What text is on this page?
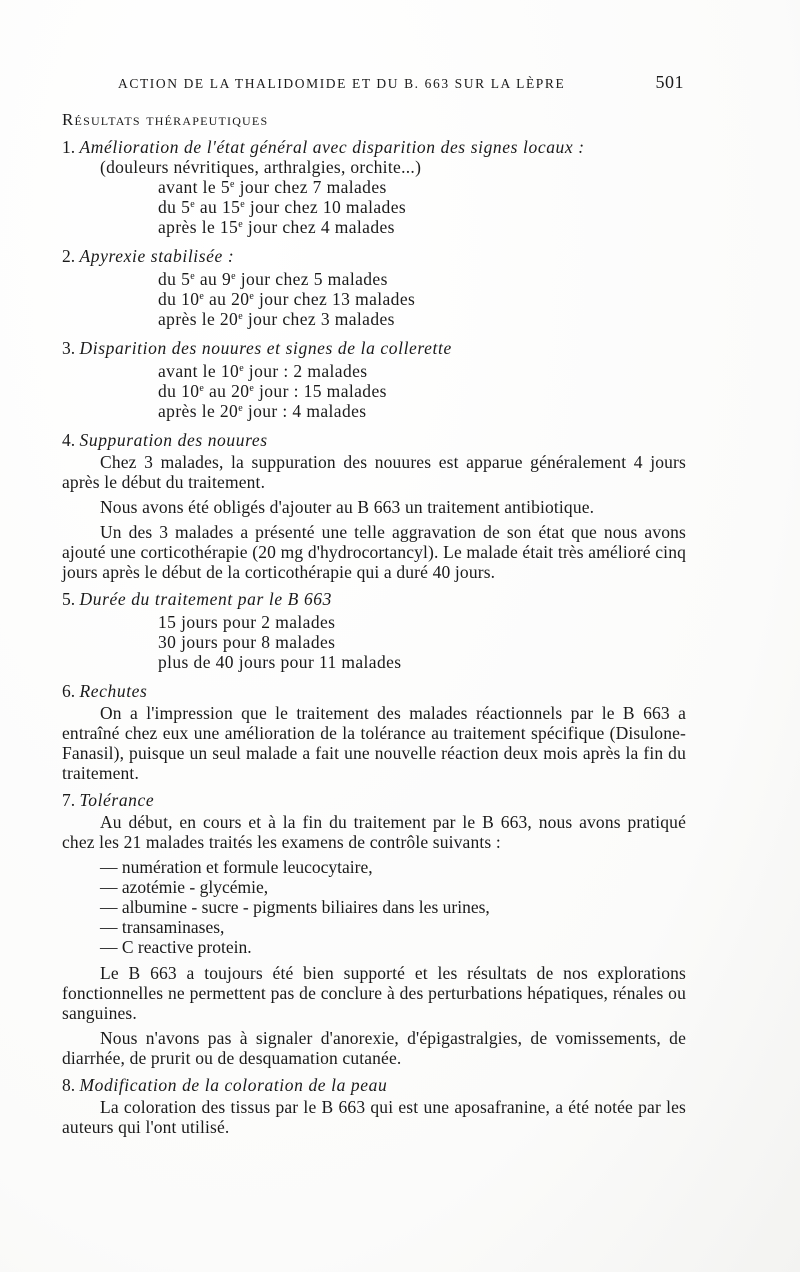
ACTION DE LA THALIDOMIDE ET DU B. 663 SUR LA LÈPRE	501
Résultats thérapeutiques
1. Amélioration de l'état général avec disparition des signes locaux :
(douleurs névritiques, arthralgies, orchite...)
avant le 5e jour chez 7 malades
du 5e au 15e jour chez 10 malades
après le 15e jour chez 4 malades
2. Apyrexie stabilisée :
du 5e au 9e jour chez 5 malades
du 10e au 20e jour chez 13 malades
après le 20e jour chez 3 malades
3. Disparition des nouures et signes de la collerette
avant le 10e jour : 2 malades
du 10e au 20e jour : 15 malades
après le 20e jour : 4 malades
4. Suppuration des nouures

Chez 3 malades, la suppuration des nouures est apparue généralement 4 jours après le début du traitement.

Nous avons été obligés d'ajouter au B 663 un traitement antibiotique.

Un des 3 malades a présenté une telle aggravation de son état que nous avons ajouté une corticothérapie (20 mg d'hydrocortancyl). Le malade était très amélioré cinq jours après le début de la corticothérapie qui a duré 40 jours.

5. Durée du traitement par le B 663
15 jours pour 2 malades
30 jours pour 8 malades
plus de 40 jours pour 11 malades
6. Rechutes

On a l'impression que le traitement des malades réactionnels par le B 663 a entraîné chez eux une amélioration de la tolérance au traitement spécifique (Disulone-Fanasil), puisque un seul malade a fait une nouvelle réaction deux mois après la fin du traitement.

7. Tolérance

Au début, en cours et à la fin du traitement par le B 663, nous avons pratiqué chez les 21 malades traités les examens de contrôle suivants :

— numération et formule leucocytaire,
— azotémie - glycémie,
— albumine - sucre - pigments biliaires dans les urines,
— transaminases,
— C reactive protein.

Le B 663 a toujours été bien supporté et les résultats de nos explorations fonctionnelles ne permettent pas de conclure à des perturbations hépatiques, rénales ou sanguines.

Nous n'avons pas à signaler d'anorexie, d'épigastralgies, de vomissements, de diarrhée, de prurit ou de desquamation cutanée.

8. Modification de la coloration de la peau

La coloration des tissus par le B 663 qui est une aposafranine, a été notée par les auteurs qui l'ont utilisé.
